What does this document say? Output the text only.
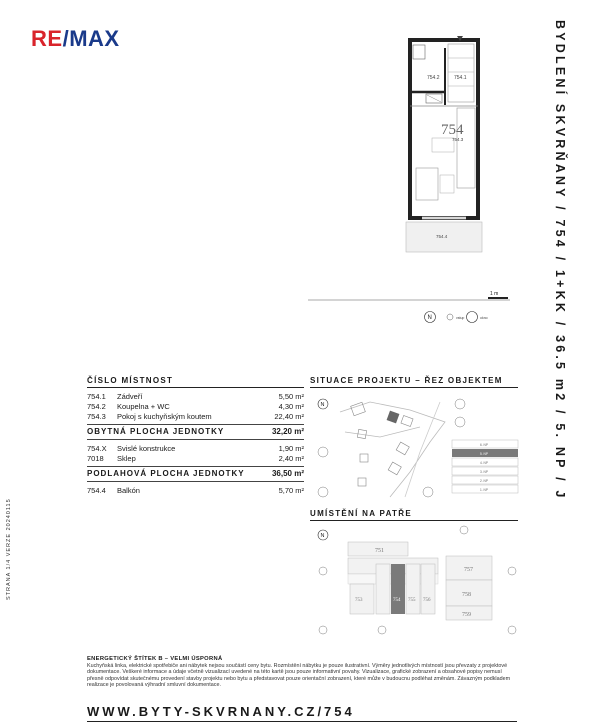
RE/MAX	BYDLENÍ SKVRŇANY / 754 / 1+KK / 36.5 m2 / 5. NP / J
STRANA 1/4 VERZE 20240115
754.2	754.1
754
754.3
754.4
1 m
N	vstup	okno
ČÍSLO MÍSTNOST
754.1 Zádveří	5,50 m²
754.2 Koupelna + WC	4,30 m²
754.3 Pokoj s kuchyňským koutem	22,40 m²
OBYTNÁ PLOCHA JEDNOTKY	32,20 m²
754.X Svislé konstrukce	1,90 m²
7018 Sklep	2,40 m²
PODLAHOVÁ PLOCHA JEDNOTKY	36,50 m²
754.4 Balkón	5,70 m²
SITUACE PROJEKTU – ŘEZ OBJEKTEM
N
6. NP
5. NP
4. NP
3. NP
2. NP
1. NP
UMÍSTĚNÍ NA PATŘE
N
751
753	754 755 756
757
758
759
ENERGETICKÝ ŠTÍTEK B – VELMI ÚSPORNÁ
Kuchyňská linka, elektrické spotřebiče ani nábytek nejsou součástí ceny bytu. Rozmístění nábytku je pouze ilustrativní. Výměry jednotlivých místností jsou převzaty z projektové dokumentace. Veškeré informace a údaje včetně vizualizací uvedené na této kartě jsou pouze informativní povahy. Vizualizace, grafické zobrazení a obsahové popisy nemusí přesně odpovídat skutečnému provedení stavby projektu nebo bytu a představovat pouze orientační zobrazení, které může v budoucnu podléhat změnám. Závazným podkladem realizace je povolovaná výhradní smluvní dokumentace.
WWW.BYTY-SKVRNANY.CZ/754
